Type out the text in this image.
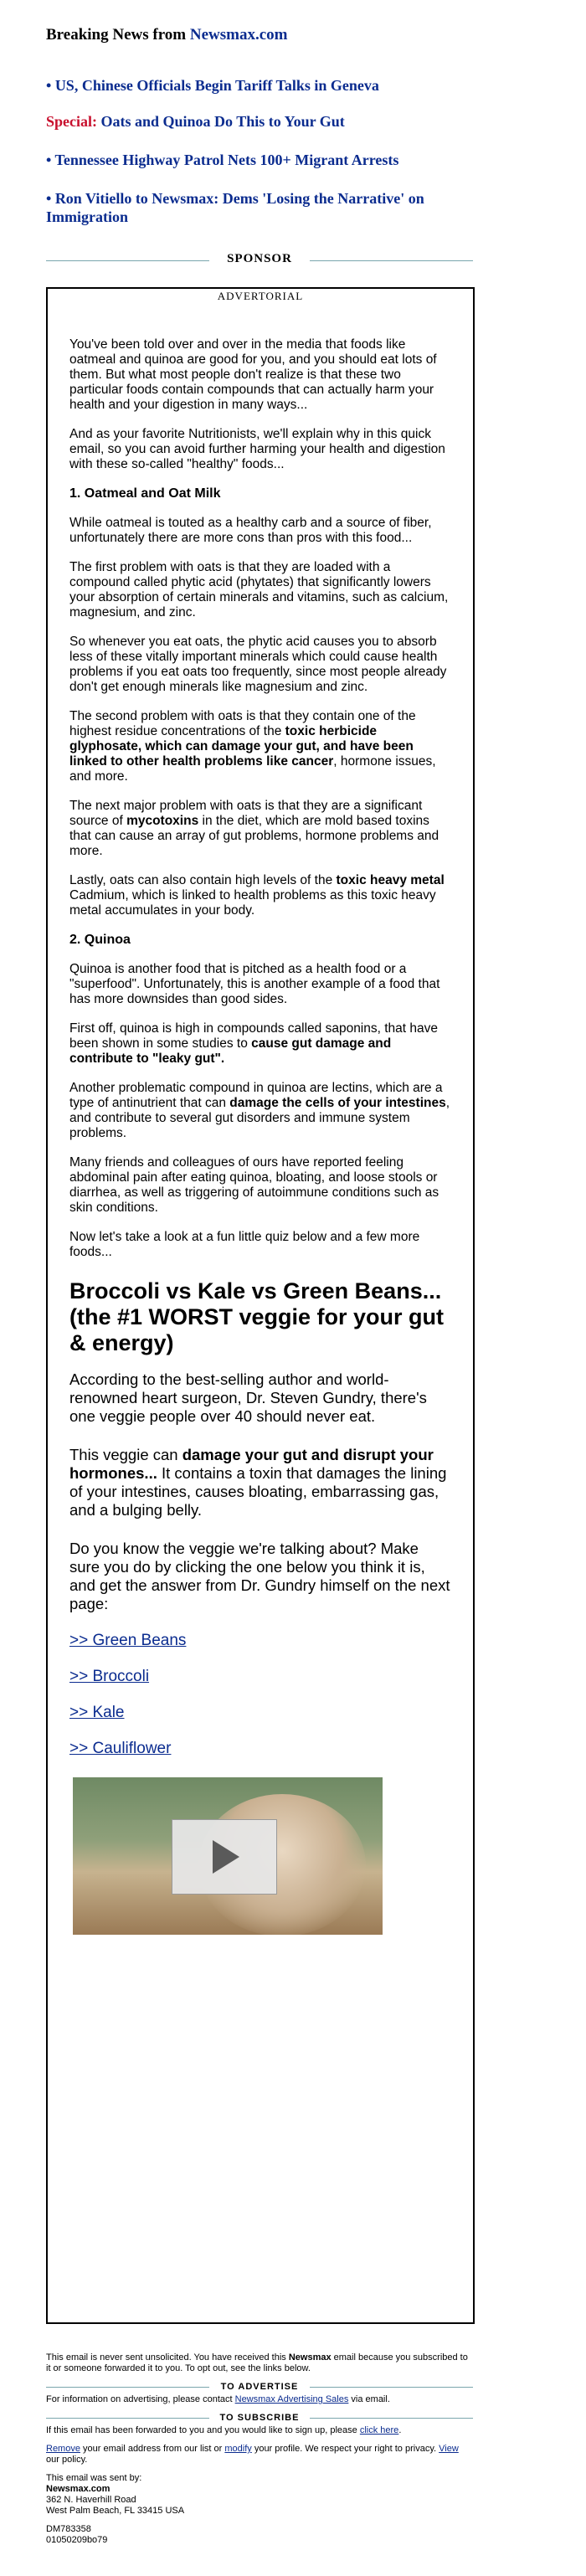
Breaking News from Newsmax.com
• US, Chinese Officials Begin Tariff Talks in Geneva
Special: Oats and Quinoa Do This to Your Gut
• Tennessee Highway Patrol Nets 100+ Migrant Arrests
• Ron Vitiello to Newsmax: Dems 'Losing the Narrative' on Immigration
SPONSOR
ADVERTORIAL

You've been told over and over in the media that foods like oatmeal and quinoa are good for you, and you should eat lots of them. But what most people don't realize is that these two particular foods contain compounds that can actually harm your health and your digestion in many ways...

And as your favorite Nutritionists, we'll explain why in this quick email, so you can avoid further harming your health and digestion with these so-called "healthy" foods...

1. Oatmeal and Oat Milk

While oatmeal is touted as a healthy carb and a source of fiber, unfortunately there are more cons than pros with this food...

The first problem with oats is that they are loaded with a compound called phytic acid (phytates) that significantly lowers your absorption of certain minerals and vitamins, such as calcium, magnesium, and zinc.

So whenever you eat oats, the phytic acid causes you to absorb less of these vitally important minerals which could cause health problems if you eat oats too frequently, since most people already don't get enough minerals like magnesium and zinc.

The second problem with oats is that they contain one of the highest residue concentrations of the toxic herbicide glyphosate, which can damage your gut, and have been linked to other health problems like cancer, hormone issues, and more.

The next major problem with oats is that they are a significant source of mycotoxins in the diet, which are mold based toxins that can cause an array of gut problems, hormone problems and more.

Lastly, oats can also contain high levels of the toxic heavy metal Cadmium, which is linked to health problems as this toxic heavy metal accumulates in your body.

2. Quinoa

Quinoa is another food that is pitched as a health food or a "superfood". Unfortunately, this is another example of a food that has more downsides than good sides.

First off, quinoa is high in compounds called saponins, that have been shown in some studies to cause gut damage and contribute to "leaky gut".

Another problematic compound in quinoa are lectins, which are a type of antinutrient that can damage the cells of your intestines, and contribute to several gut disorders and immune system problems.

Many friends and colleagues of ours have reported feeling abdominal pain after eating quinoa, bloating, and loose stools or diarrhea, as well as triggering of autoimmune conditions such as skin conditions.

Now let's take a look at a fun little quiz below and a few more foods...

Broccoli vs Kale vs Green Beans... (the #1 WORST veggie for your gut & energy)

According to the best-selling author and world-renowned heart surgeon, Dr. Steven Gundry, there's one veggie people over 40 should never eat.

This veggie can damage your gut and disrupt your hormones... It contains a toxin that damages the lining of your intestines, causes bloating, embarrassing gas, and a bulging belly.

Do you know the veggie we're talking about? Make sure you do by clicking the one below you think it is, and get the answer from Dr. Gundry himself on the next page:

>> Green Beans
>> Broccoli
>> Kale
>> Cauliflower

This email is never sent unsolicited. You have received this Newsmax email because you subscribed to it or someone forwarded it to you. To opt out, see the links below.

TO ADVERTISE

For information on advertising, please contact Newsmax Advertising Sales via email.

TO SUBSCRIBE

If this email has been forwarded to you and you would like to sign up, please click here.

Remove your email address from our list or modify your profile. We respect your right to privacy. View our policy.

This email was sent by:
Newsmax.com
362 N. Haverhill Road
West Palm Beach, FL 33415 USA

DM783358
01050209bo79
